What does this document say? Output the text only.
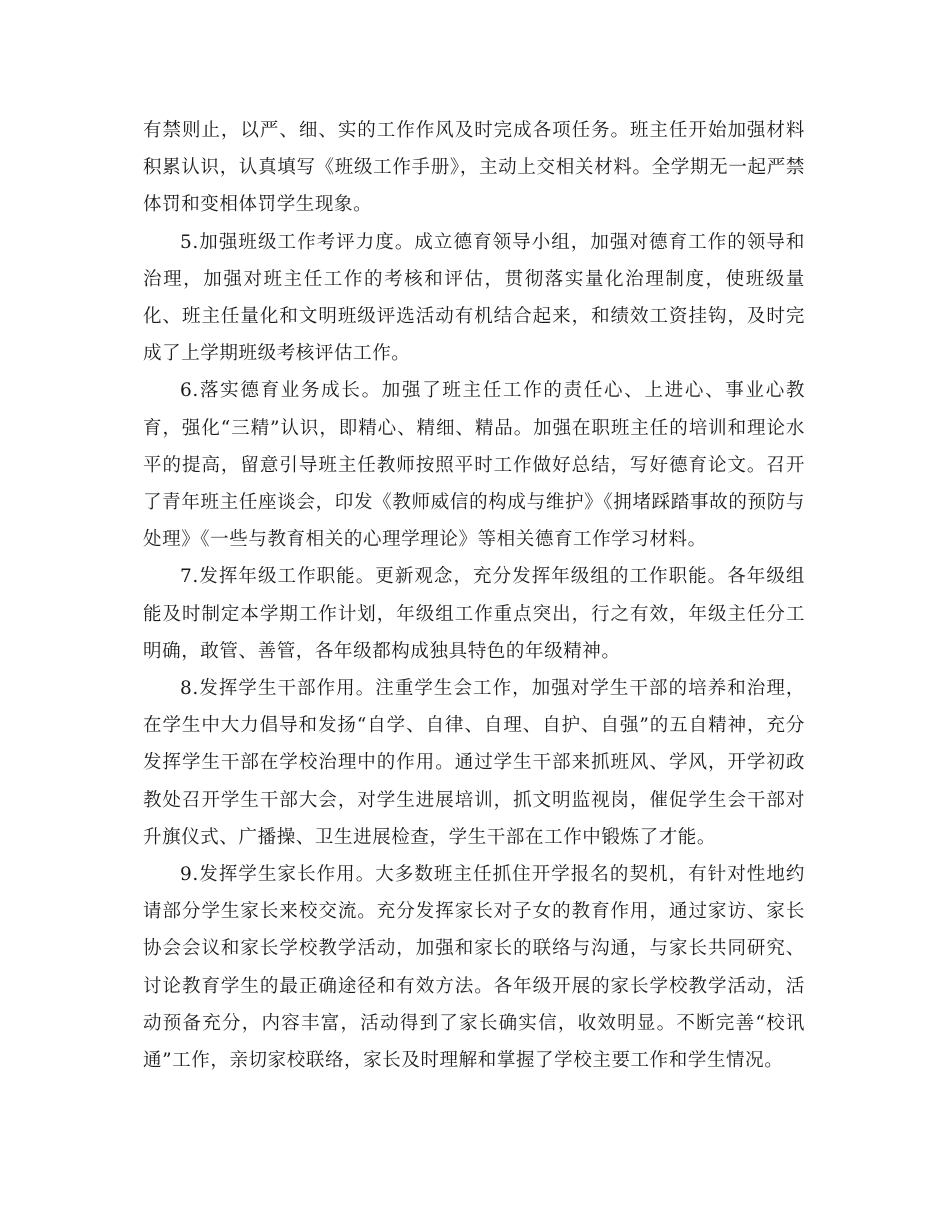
有禁则止，以严、细、实的工作作风及时完成各项任务。班主任开始加强材料积累认识，认真填写《班级工作手册》，主动上交相关材料。全学期无一起严禁体罚和变相体罚学生现象。

5.加强班级工作考评力度。成立德育领导小组，加强对德育工作的领导和治理，加强对班主任工作的考核和评估，贯彻落实量化治理制度，使班级量化、班主任量化和文明班级评选活动有机结合起来，和绩效工资挂钩，及时完成了上学期班级考核评估工作。

6.落实德育业务成长。加强了班主任工作的责任心、上进心、事业心教育，强化“三精”认识，即精心、精细、精品。加强在职班主任的培训和理论水平的提高，留意引导班主任教师按照平时工作做好总结，写好德育论文。召开了青年班主任座谈会，印发《教师威信的构成与维护》《拥堵踩踏事故的预防与处理》《一些与教育相关的心理学理论》等相关德育工作学习材料。

7.发挥年级工作职能。更新观念，充分发挥年级组的工作职能。各年级组能及时制定本学期工作计划，年级组工作重点突出，行之有效，年级主任分工明确，敢管、善管，各年级都构成独具特色的年级精神。

8.发挥学生干部作用。注重学生会工作，加强对学生干部的培养和治理，在学生中大力倡导和发扬“自学、自律、自理、自护、自强”的五自精神，充分发挥学生干部在学校治理中的作用。通过学生干部来抓班风、学风，开学初政教处召开学生干部大会，对学生进展培训，抓文明监视岗，催促学生会干部对升旗仪式、广播操、卫生进展检查，学生干部在工作中锻炼了才能。

9.发挥学生家长作用。大多数班主任抓住开学报名的契机，有针对性地约请部分学生家长来校交流。充分发挥家长对子女的教育作用，通过家访、家长协会会议和家长学校教学活动，加强和家长的联络与沟通，与家长共同研究、讨论教育学生的最正确途径和有效方法。各年级开展的家长学校教学活动，活动预备充分，内容丰富，活动得到了家长确实信，收效明显。不断完善“校讯通”工作，亲切家校联络，家长及时理解和掌握了学校主要工作和学生情况。
